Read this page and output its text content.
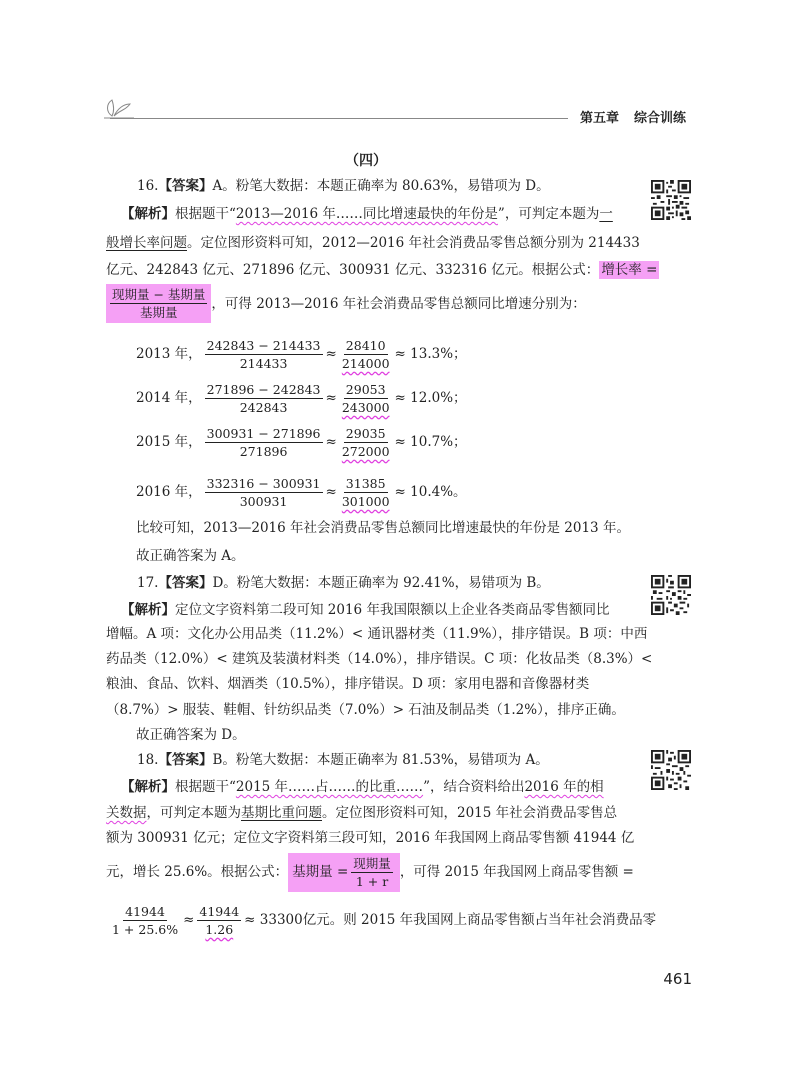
第五章 综合训练
（四）
16.【答案】A。粉笔大数据：本题正确率为 80.63%，易错项为 D。
【解析】根据题干“2013—2016 年……同比增速最快的年份是”，可判定本题为一
般增长率问题。定位图形资料可知，2012—2016 年社会消费品零售总额分别为 214433
亿元、242843 亿元、271896 亿元、300931 亿元、332316 亿元。根据公式： 增长率 =
$\frac{\text{现期量 − 基期量}}{\text{基期量}}$ ，可得 2013—2016 年社会消费品零售总额同比增速分别为：
2013 年， $\frac{242843 - 214433}{214433} \approx \frac{28410}{214000} \approx 13.3\%$；
2014 年， $\frac{271896 - 242843}{242843} \approx \frac{29053}{243000} \approx 12.0\%$；
2015 年， $\frac{300931 - 271896}{271896} \approx \frac{29035}{272000} \approx 10.7\%$；
2016 年， $\frac{332316 - 300931}{300931} \approx \frac{31385}{301000} \approx 10.4\%$。
比较可知，2013—2016 年社会消费品零售总额同比增速最快的年份是 2013 年。
故正确答案为 A。
17.【答案】D。粉笔大数据：本题正确率为 92.41%，易错项为 B。
【解析】定位文字资料第二段可知 2016 年我国限额以上企业各类商品零售额同比
增幅。A 项：文化办公用品类（11.2%）< 通讯器材类（11.9%），排序错误。B 项：中西
药品类（12.0%）< 建筑及装潢材料类（14.0%），排序错误。C 项：化妆品类（8.3%）<
粮油、食品、饮料、烟酒类（10.5%），排序错误。D 项：家用电器和音像器材类
（8.7%）> 服装、鞋帽、针纺织品类（7.0%）> 石油及制品类（1.2%），排序正确。
故正确答案为 D。
18.【答案】B。粉笔大数据：本题正确率为 81.53%，易错项为 A。
【解析】根据题干“2015 年……占……的比重……”，结合资料给出2016 年的相
关数据，可判定本题为基期比重问题。定位图形资料可知，2015 年社会消费品零售总
额为 300931 亿元；定位文字资料第三段可知，2016 年我国网上商品零售额 41944 亿
元，增长 25.6%。根据公式： 基期量 = $\frac{\text{现期量}}{1 + r}$ ，可得 2015 年我国网上商品零售额 =
$\frac{41944}{1 + 25.6\%} \approx \frac{41944}{1.26} \approx 33300$亿元。则 2015 年我国网上商品零售额占当年社会消费品零
461
